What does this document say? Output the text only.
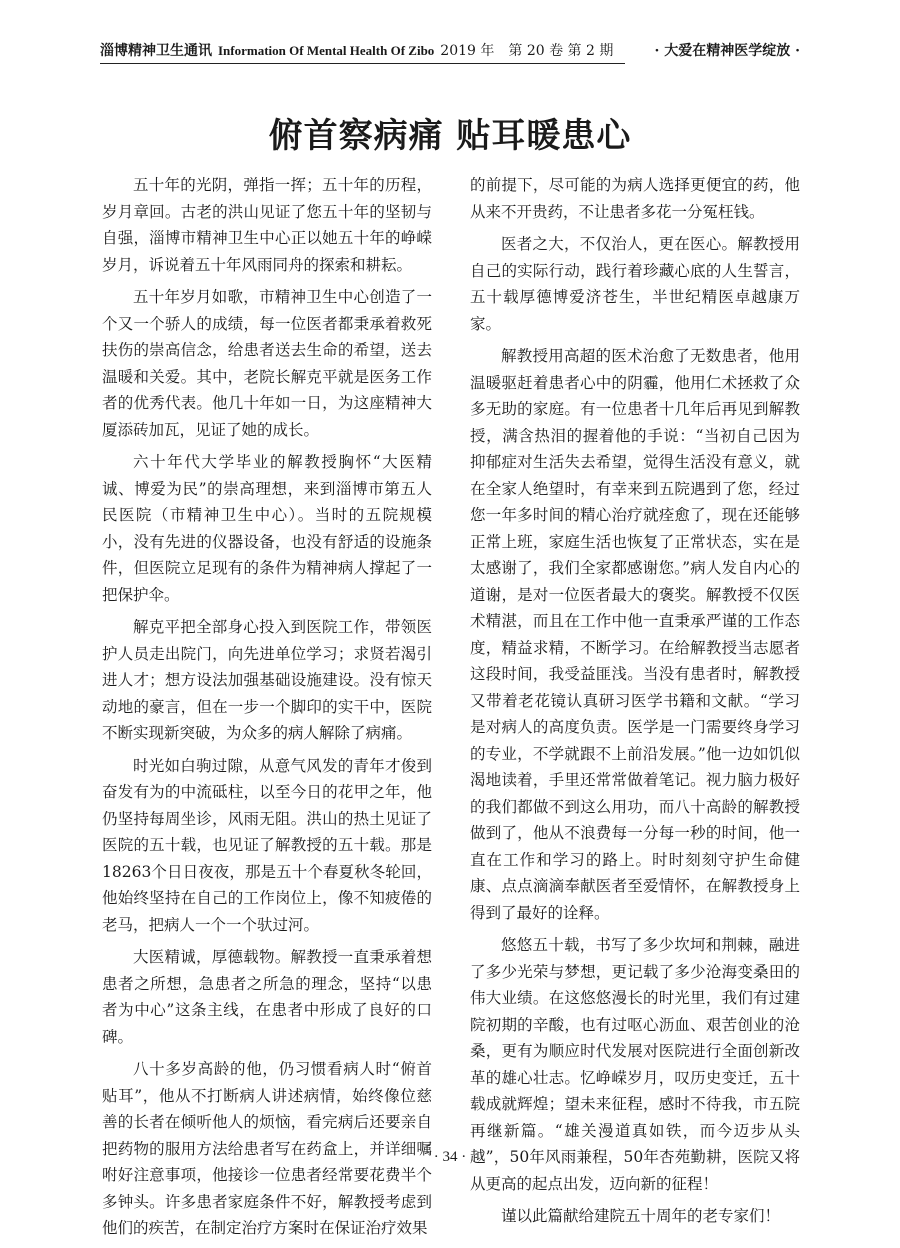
淄博精神卫生通讯 Information Of Mental Health Of Zibo 2019 年　第 20 卷 第 2 期	· 大爱在精神医学绽放 ·
俯首察病痛 贴耳暖患心

五十年的光阴，弹指一挥；五十年的历程，岁月章回。古老的洪山见证了您五十年的坚韧与自强，淄博市精神卫生中心正以她五十年的峥嵘岁月，诉说着五十年风雨同舟的探索和耕耘。

五十年岁月如歌，市精神卫生中心创造了一个又一个骄人的成绩，每一位医者都秉承着救死扶伤的崇高信念，给患者送去生命的希望，送去温暖和关爱。其中，老院长解克平就是医务工作者的优秀代表。他几十年如一日，为这座精神大厦添砖加瓦，见证了她的成长。

六十年代大学毕业的解教授胸怀“大医精诚、博爱为民”的崇高理想，来到淄博市第五人民医院（市精神卫生中心）。当时的五院规模小，没有先进的仪器设备，也没有舒适的设施条件，但医院立足现有的条件为精神病人撑起了一把保护伞。

解克平把全部身心投入到医院工作，带领医护人员走出院门，向先进单位学习；求贤若渴引进人才；想方设法加强基础设施建设。没有惊天动地的豪言，但在一步一个脚印的实干中，医院不断实现新突破，为众多的病人解除了病痛。

时光如白驹过隙，从意气风发的青年才俊到奋发有为的中流砥柱，以至今日的花甲之年，他仍坚持每周坐诊，风雨无阻。洪山的热土见证了医院的五十载，也见证了解教授的五十载。那是18263个日日夜夜，那是五十个春夏秋冬轮回，他始终坚持在自己的工作岗位上，像不知疲倦的老马，把病人一个一个驮过河。

大医精诚，厚德载物。解教授一直秉承着想患者之所想，急患者之所急的理念，坚持“以患者为中心”这条主线，在患者中形成了良好的口碑。

八十多岁高龄的他，仍习惯看病人时“俯首贴耳”，他从不打断病人讲述病情，始终像位慈善的长者在倾听他人的烦恼，看完病后还要亲自把药物的服用方法给患者写在药盒上，并详细嘱咐好注意事项，他接诊一位患者经常要花费半个多钟头。许多患者家庭条件不好，解教授考虑到他们的疾苦，在制定治疗方案时在保证治疗效果

的前提下，尽可能的为病人选择更便宜的药，他从来不开贵药，不让患者多花一分冤枉钱。

医者之大，不仅治人，更在医心。解教授用自己的实际行动，践行着珍藏心底的人生誓言，五十载厚德博爱济苍生，半世纪精医卓越康万家。

解教授用高超的医术治愈了无数患者，他用温暖驱赶着患者心中的阴霾，他用仁术拯救了众多无助的家庭。有一位患者十几年后再见到解教授，满含热泪的握着他的手说：“当初自己因为抑郁症对生活失去希望，觉得生活没有意义，就在全家人绝望时，有幸来到五院遇到了您，经过您一年多时间的精心治疗就痊愈了，现在还能够正常上班，家庭生活也恢复了正常状态，实在是太感谢了，我们全家都感谢您。”病人发自内心的道谢，是对一位医者最大的褒奖。解教授不仅医术精湛，而且在工作中他一直秉承严谨的工作态度，精益求精，不断学习。在给解教授当志愿者这段时间，我受益匪浅。当没有患者时，解教授又带着老花镜认真研习医学书籍和文献。“学习是对病人的高度负责。医学是一门需要终身学习的专业，不学就跟不上前沿发展。”他一边如饥似渴地读着，手里还常常做着笔记。视力脑力极好的我们都做不到这么用功，而八十高龄的解教授做到了，他从不浪费每一分每一秒的时间，他一直在工作和学习的路上。时时刻刻守护生命健康、点点滴滴奉献医者至爱情怀，在解教授身上得到了最好的诠释。

悠悠五十载，书写了多少坎坷和荆棘，融进了多少光荣与梦想，更记载了多少沧海变桑田的伟大业绩。在这悠悠漫长的时光里，我们有过建院初期的辛酸，也有过呕心沥血、艰苦创业的沧桑，更有为顺应时代发展对医院进行全面创新改革的雄心壮志。忆峥嵘岁月，叹历史变迁，五十载成就辉煌；望未来征程，感时不待我，市五院再继新篇。“雄关漫道真如铁，而今迈步从头越”，50年风雨兼程，50年杏苑勤耕，医院又将从更高的起点出发，迈向新的征程！

谨以此篇献给建院五十周年的老专家们！

· 34 ·
